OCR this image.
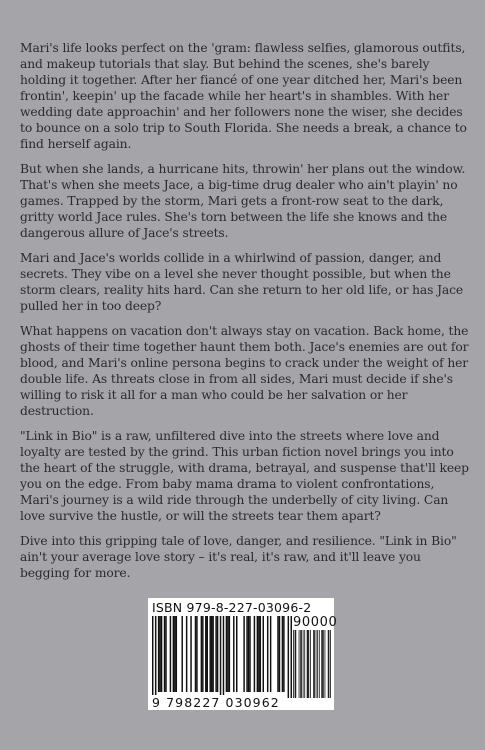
Mari's life looks perfect on the 'gram: flawless selfies, glamorous outfits, and makeup tutorials that slay. But behind the scenes, she's barely holding it together. After her fiancé of one year ditched her, Mari's been frontin', keepin' up the facade while her heart's in shambles. With her wedding date approachin' and her followers none the wiser, she decides to bounce on a solo trip to South Florida. She needs a break, a chance to find herself again.

But when she lands, a hurricane hits, throwin' her plans out the window. That's when she meets Jace, a big-time drug dealer who ain't playin' no games. Trapped by the storm, Mari gets a front-row seat to the dark, gritty world Jace rules. She's torn between the life she knows and the dangerous allure of Jace's streets.

Mari and Jace's worlds collide in a whirlwind of passion, danger, and secrets. They vibe on a level she never thought possible, but when the storm clears, reality hits hard. Can she return to her old life, or has Jace pulled her in too deep?

What happens on vacation don't always stay on vacation. Back home, the ghosts of their time together haunt them both. Jace's enemies are out for blood, and Mari's online persona begins to crack under the weight of her double life. As threats close in from all sides, Mari must decide if she's willing to risk it all for a man who could be her salvation or her destruction.

"Link in Bio" is a raw, unfiltered dive into the streets where love and loyalty are tested by the grind. This urban fiction novel brings you into the heart of the struggle, with drama, betrayal, and suspense that'll keep you on the edge. From baby mama drama to violent confrontations, Mari's journey is a wild ride through the underbelly of city living. Can love survive the hustle, or will the streets tear them apart?

Dive into this gripping tale of love, danger, and resilience. "Link in Bio" ain't your average love story – it's real, it's raw, and it'll leave you begging for more.

ISBN 979-8-227-03096-2
90000
9 798227 030962
